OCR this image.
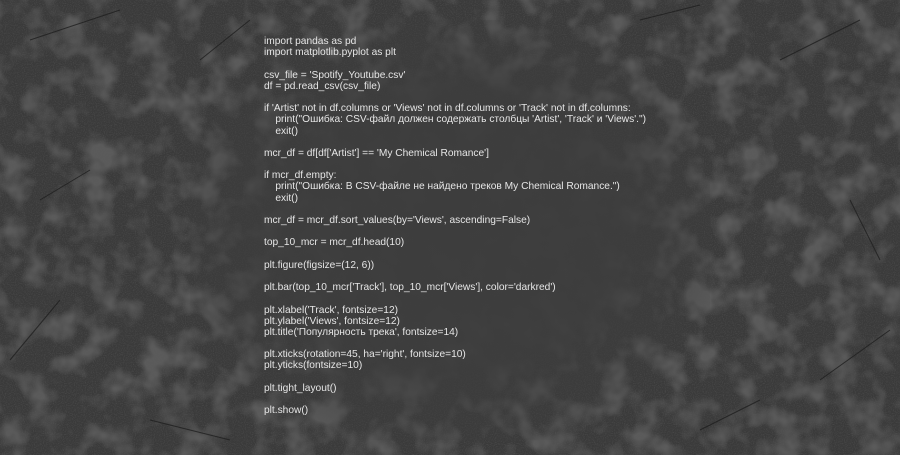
import pandas as pd
import matplotlib.pyplot as plt
csv_file = 'Spotify_Youtube.csv'
df = pd.read_csv(csv_file)
if 'Artist' not in df.columns or 'Views' not in df.columns or 'Track' not in df.columns:
print("Ошибка: CSV-файл должен содержать столбцы 'Artist', 'Track' и 'Views'.")
exit()
mcr_df = df[df['Artist'] == 'My Chemical Romance']
if mcr_df.empty:
print("Ошибка: В CSV-файле не найдено треков My Chemical Romance.")
exit()
mcr_df = mcr_df.sort_values(by='Views', ascending=False)
top_10_mcr = mcr_df.head(10)
plt.figure(figsize=(12, 6))
plt.bar(top_10_mcr['Track'], top_10_mcr['Views'], color='darkred')
plt.xlabel('Track', fontsize=12)
plt.ylabel('Views', fontsize=12)
plt.title('Популярность трека', fontsize=14)
plt.xticks(rotation=45, ha='right', fontsize=10)
plt.yticks(fontsize=10)
plt.tight_layout()
plt.show()
